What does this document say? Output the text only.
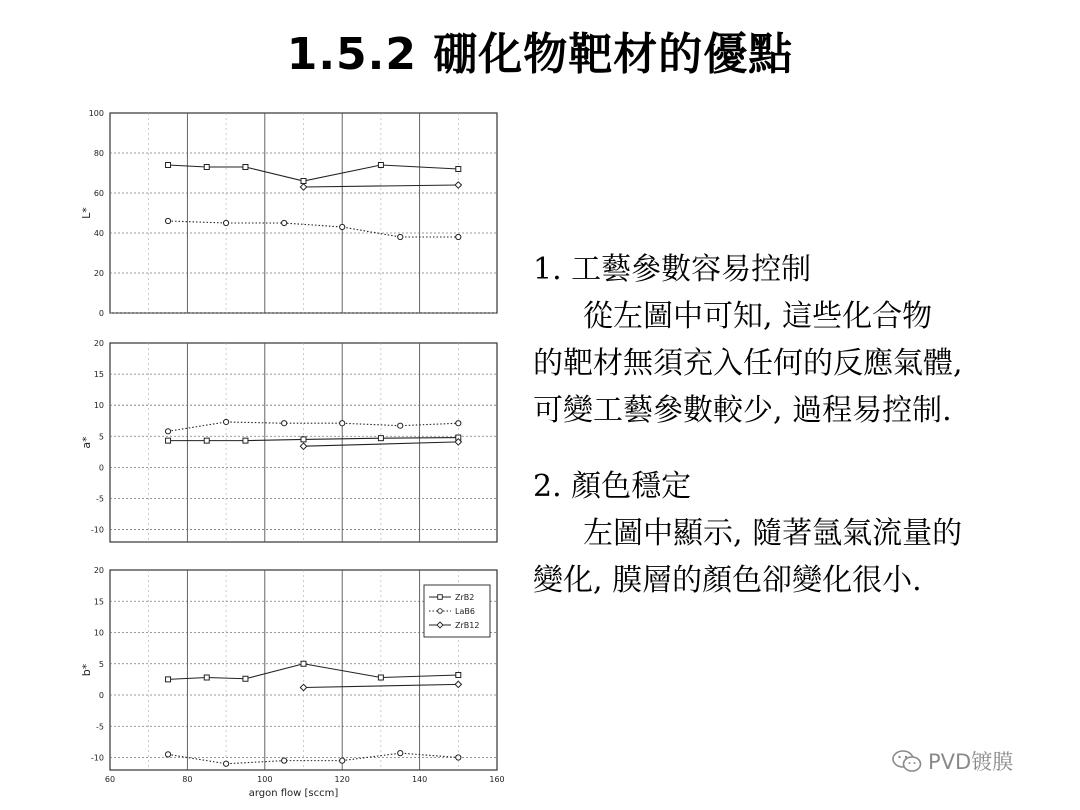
1.5.2 硼化物靶材的優點
0
20
40
60
80
100
L*
-10
-5
0
5
10
15
20
a*
-10
-5
0
5
10
15
20
b*
60	80	100	120	140	160
argon flow [sccm]
ZrB2
LaB6
ZrB12
1. 工藝參數容易控制
從左圖中可知, 這些化合物
的靶材無須充入任何的反應氣體,
可變工藝參數較少, 過程易控制.
2. 顏色穩定
左圖中顯示, 隨著氬氣流量的
變化, 膜層的顏色卻變化很小.
PVD镀膜
